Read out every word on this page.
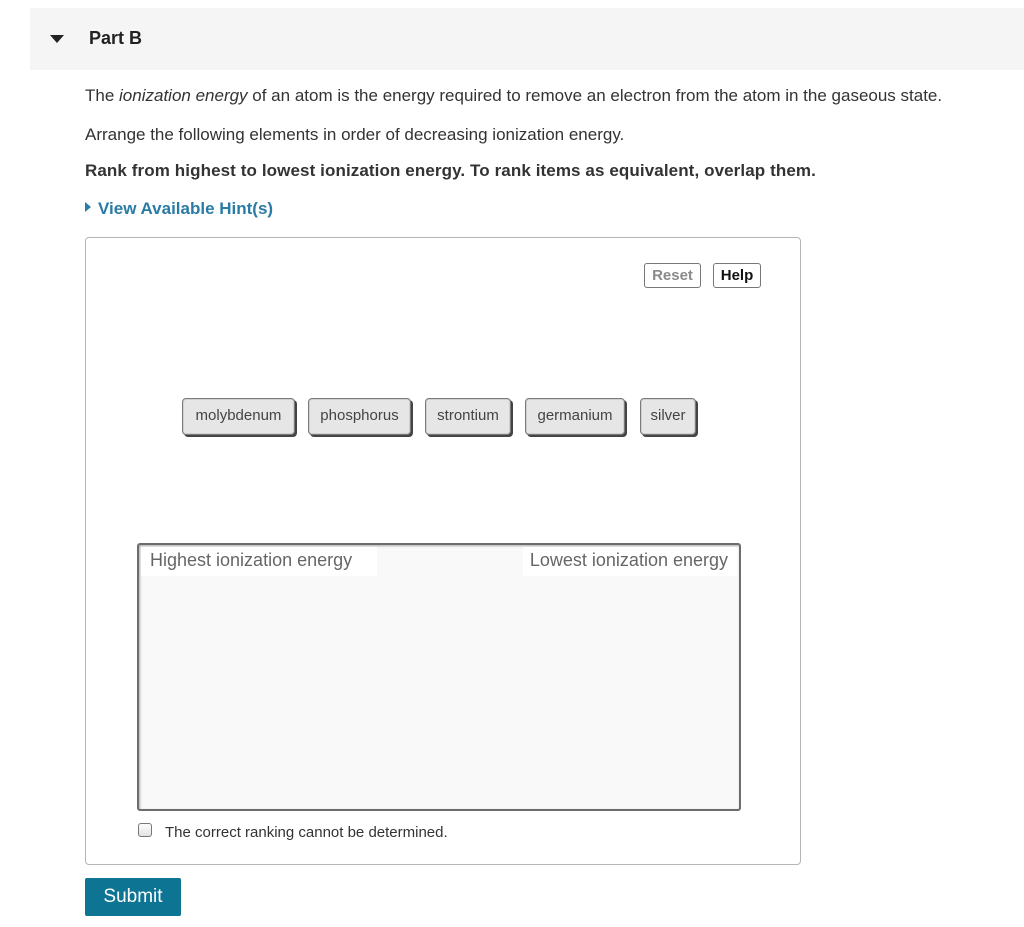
Part B
The ionization energy of an atom is the energy required to remove an electron from the atom in the gaseous state.
Arrange the following elements in order of decreasing ionization energy.
Rank from highest to lowest ionization energy. To rank items as equivalent, overlap them.
View Available Hint(s)
Reset	Help
molybdenum	phosphorus	strontium	germanium	silver
Highest ionization energy	Lowest ionization energy
The correct ranking cannot be determined.
Submit
